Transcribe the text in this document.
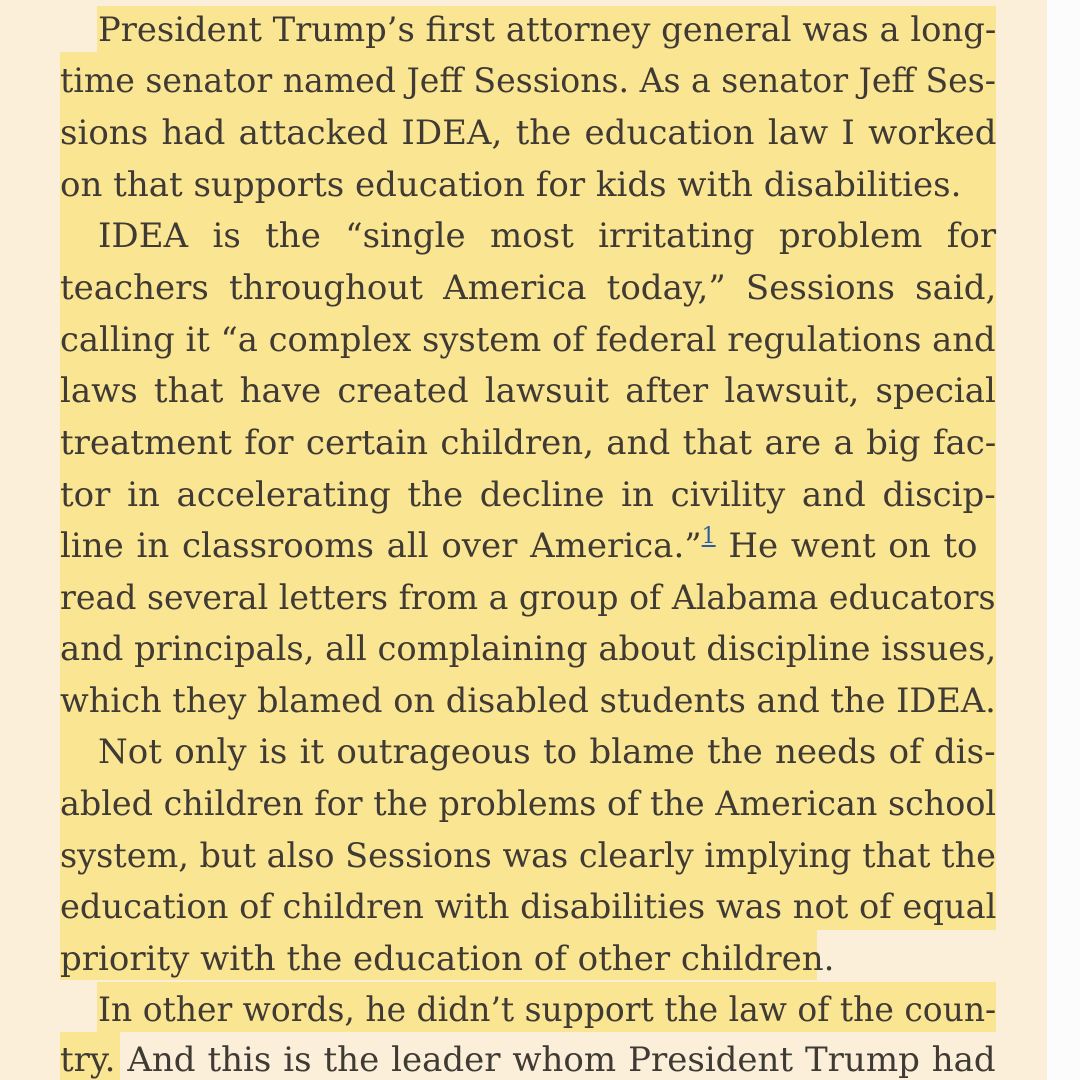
President Trump’s first attorney general was a long-
time senator named Jeff Sessions. As a senator Jeff Ses-
sions had attacked IDEA, the education law I worked
on that supports education for kids with disabilities.
IDEA is the “single most irritating problem for
teachers throughout America today,” Sessions said,
calling it “a complex system of federal regulations and
laws that have created lawsuit after lawsuit, special
treatment for certain children, and that are a big fac-
tor in accelerating the decline in civility and discip-
line in classrooms all over America.”$^1$ He went on to
read several letters from a group of Alabama educators
and principals, all complaining about discipline issues,
which they blamed on disabled students and the IDEA.
Not only is it outrageous to blame the needs of dis-
abled children for the problems of the American school
system, but also Sessions was clearly implying that the
education of children with disabilities was not of equal
priority with the education of other children.
In other words, he didn’t support the law of the coun-
try. And this is the leader whom President Trump had
